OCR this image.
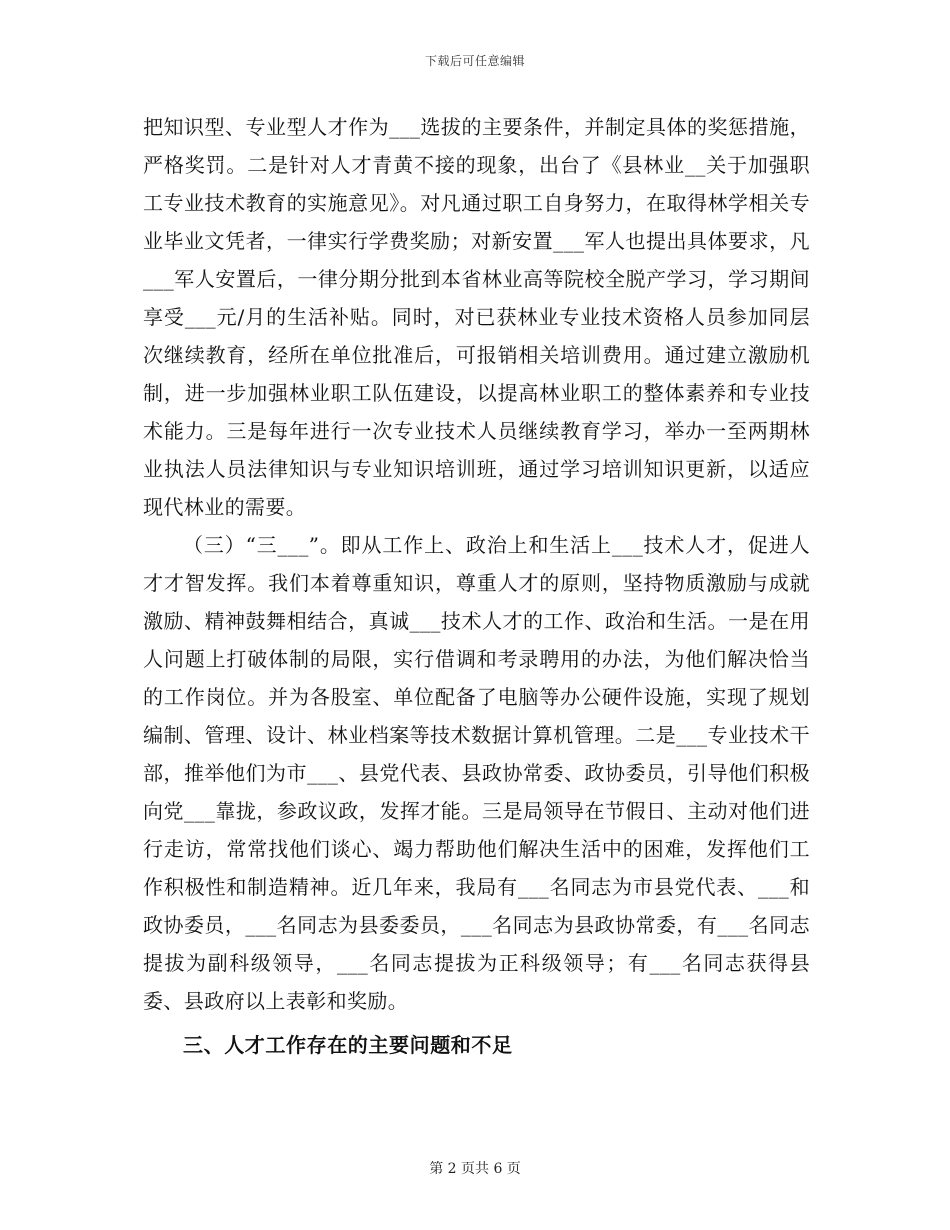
下载后可任意编辑

把知识型、专业型人才作为___选拔的主要条件，并制定具体的奖惩措施，严格奖罚。二是针对人才青黄不接的现象，出台了《县林业__关于加强职工专业技术教育的实施意见》。对凡通过职工自身努力，在取得林学相关专业毕业文凭者，一律实行学费奖励；对新安置___军人也提出具体要求，凡___军人安置后，一律分期分批到本省林业高等院校全脱产学习，学习期间享受___元/月的生活补贴。同时，对已获林业专业技术资格人员参加同层次继续教育，经所在单位批准后，可报销相关培训费用。通过建立激励机制，进一步加强林业职工队伍建设，以提高林业职工的整体素养和专业技术能力。三是每年进行一次专业技术人员继续教育学习，举办一至两期林业执法人员法律知识与专业知识培训班，通过学习培训知识更新，以适应现代林业的需要。

（三）“三___”。即从工作上、政治上和生活上___技术人才，促进人才才智发挥。我们本着尊重知识，尊重人才的原则，坚持物质激励与成就激励、精神鼓舞相结合，真诚___技术人才的工作、政治和生活。一是在用人问题上打破体制的局限，实行借调和考录聘用的办法，为他们解决恰当的工作岗位。并为各股室、单位配备了电脑等办公硬件设施，实现了规划编制、管理、设计、林业档案等技术数据计算机管理。二是___专业技术干部，推举他们为市___、县党代表、县政协常委、政协委员，引导他们积极向党___靠拢，参政议政，发挥才能。三是局领导在节假日、主动对他们进行走访，常常找他们谈心、竭力帮助他们解决生活中的困难，发挥他们工作积极性和制造精神。近几年来，我局有___名同志为市县党代表、___和政协委员，___名同志为县委委员，___名同志为县政协常委，有___名同志提拔为副科级领导，___名同志提拔为正科级领导；有___名同志获得县委、县政府以上表彰和奖励。

三、人才工作存在的主要问题和不足

第 2 页共 6 页
